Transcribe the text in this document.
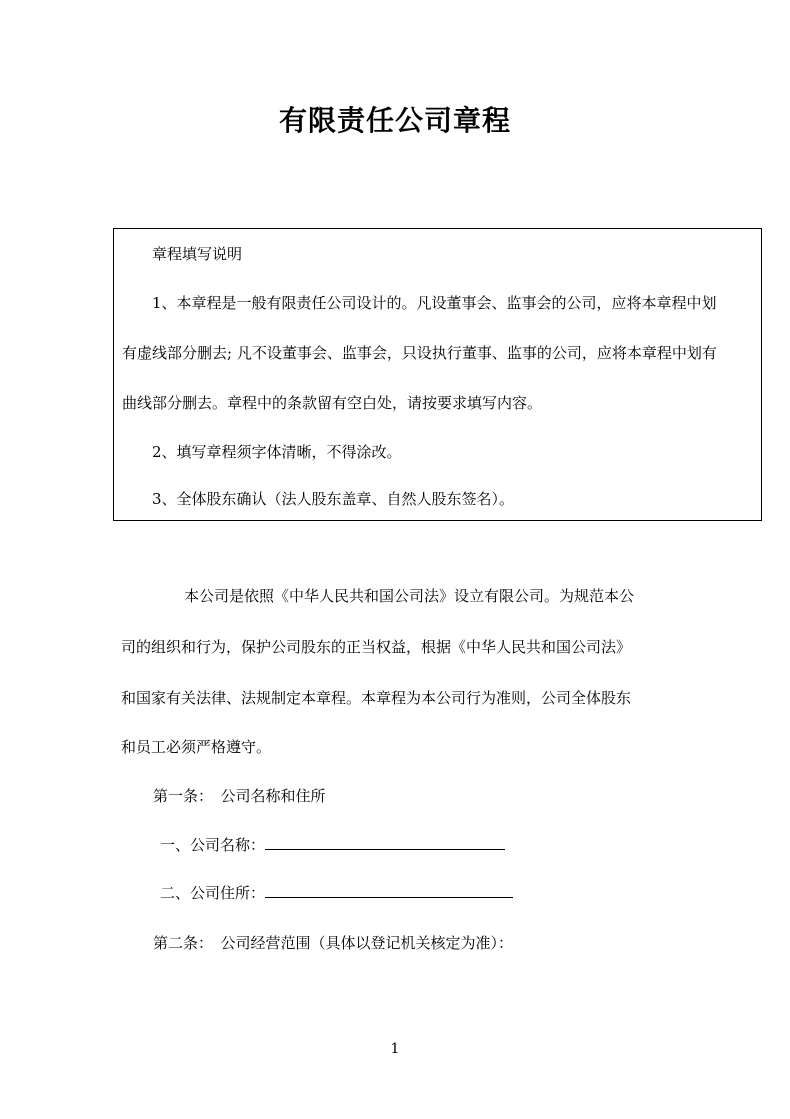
有限责任公司章程
章程填写说明
1、本章程是一般有限责任公司设计的。凡设董事会、监事会的公司，应将本章程中划
有虚线部分删去; 凡不设董事会、监事会，只设执行董事、监事的公司，应将本章程中划有
曲线部分删去。章程中的条款留有空白处，请按要求填写内容。
2、填写章程须字体清晰，不得涂改。
3、全体股东确认（法人股东盖章、自然人股东签名）。
本公司是依照《中华人民共和国公司法》设立有限公司。为规范本公
司的组织和行为，保护公司股东的正当权益，根据《中华人民共和国公司法》
和国家有关法律、法规制定本章程。本章程为本公司行为准则，公司全体股东
和员工必须严格遵守。
第一条：　公司名称和住所
一、公司名称：
二、公司住所：
第二条：　公司经营范围（具体以登记机关核定为准）：
1
